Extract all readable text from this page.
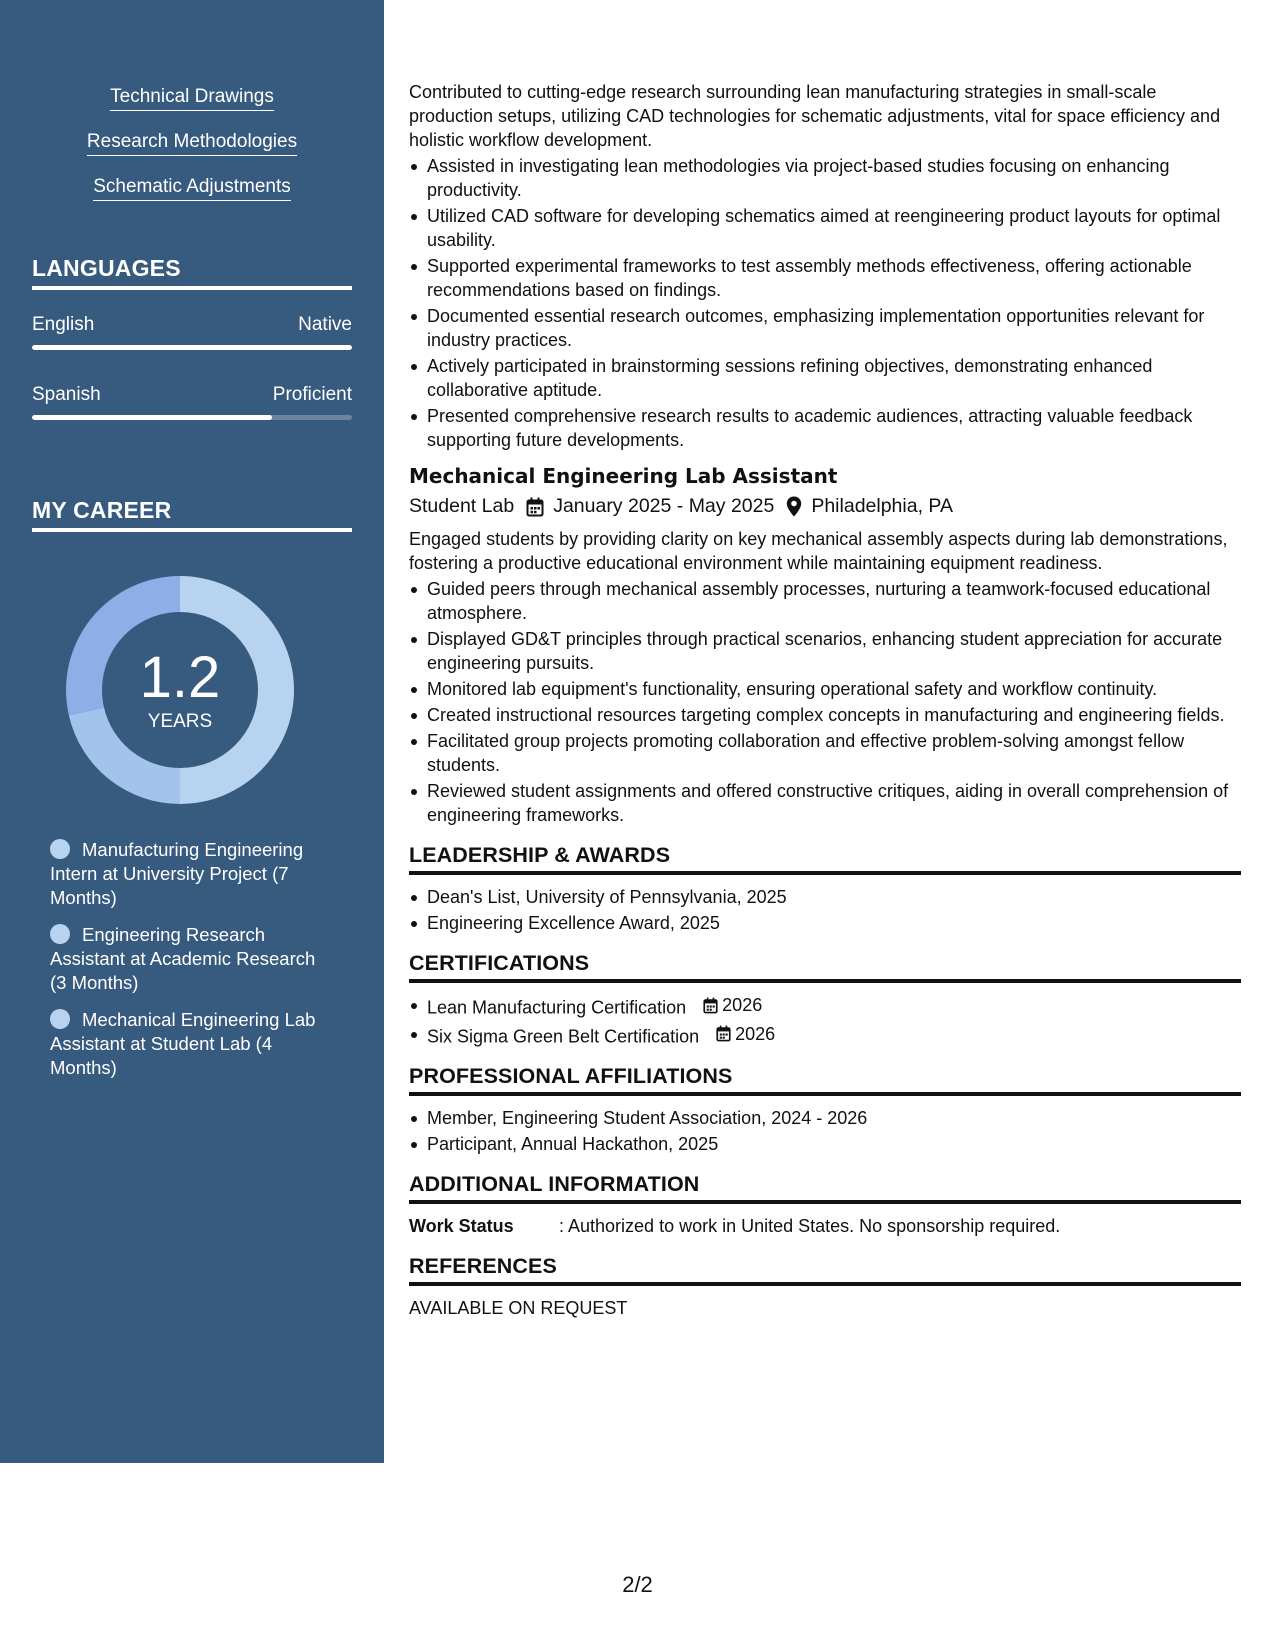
Technical Drawings
Research Methodologies
Schematic Adjustments
LANGUAGES
English	Native
Spanish	Proficient
MY CAREER
1.2
YEARS
Manufacturing Engineering Intern at University Project (7 Months)
Engineering Research Assistant at Academic Research (3 Months)
Mechanical Engineering Lab Assistant at Student Lab (4 Months)

Contributed to cutting-edge research surrounding lean manufacturing strategies in small-scale production setups, utilizing CAD technologies for schematic adjustments, vital for space efficiency and holistic workflow development.

Assisted in investigating lean methodologies via project-based studies focusing on enhancing productivity.
Utilized CAD software for developing schematics aimed at reengineering product layouts for optimal usability.
Supported experimental frameworks to test assembly methods effectiveness, offering actionable recommendations based on findings.
Documented essential research outcomes, emphasizing implementation opportunities relevant for industry practices.
Actively participated in brainstorming sessions refining objectives, demonstrating enhanced collaborative aptitude.
Presented comprehensive research results to academic audiences, attracting valuable feedback supporting future developments.
Mechanical Engineering Lab Assistant
Student Lab January 2025 - May 2025 Philadelphia, PA

Engaged students by providing clarity on key mechanical assembly aspects during lab demonstrations, fostering a productive educational environment while maintaining equipment readiness.

Guided peers through mechanical assembly processes, nurturing a teamwork-focused educational atmosphere.
Displayed GD&T principles through practical scenarios, enhancing student appreciation for accurate engineering pursuits.
Monitored lab equipment's functionality, ensuring operational safety and workflow continuity.
Created instructional resources targeting complex concepts in manufacturing and engineering fields.
Facilitated group projects promoting collaboration and effective problem-solving amongst fellow students.
Reviewed student assignments and offered constructive critiques, aiding in overall comprehension of engineering frameworks.
LEADERSHIP & AWARDS
Dean's List, University of Pennsylvania, 2025
Engineering Excellence Award, 2025
CERTIFICATIONS
Lean Manufacturing Certification 2026
Six Sigma Green Belt Certification 2026
PROFESSIONAL AFFILIATIONS
Member, Engineering Student Association, 2024 - 2026
Participant, Annual Hackathon, 2025
ADDITIONAL INFORMATION
Work Status	: Authorized to work in United States. No sponsorship required.
REFERENCES
AVAILABLE ON REQUEST
2/2
